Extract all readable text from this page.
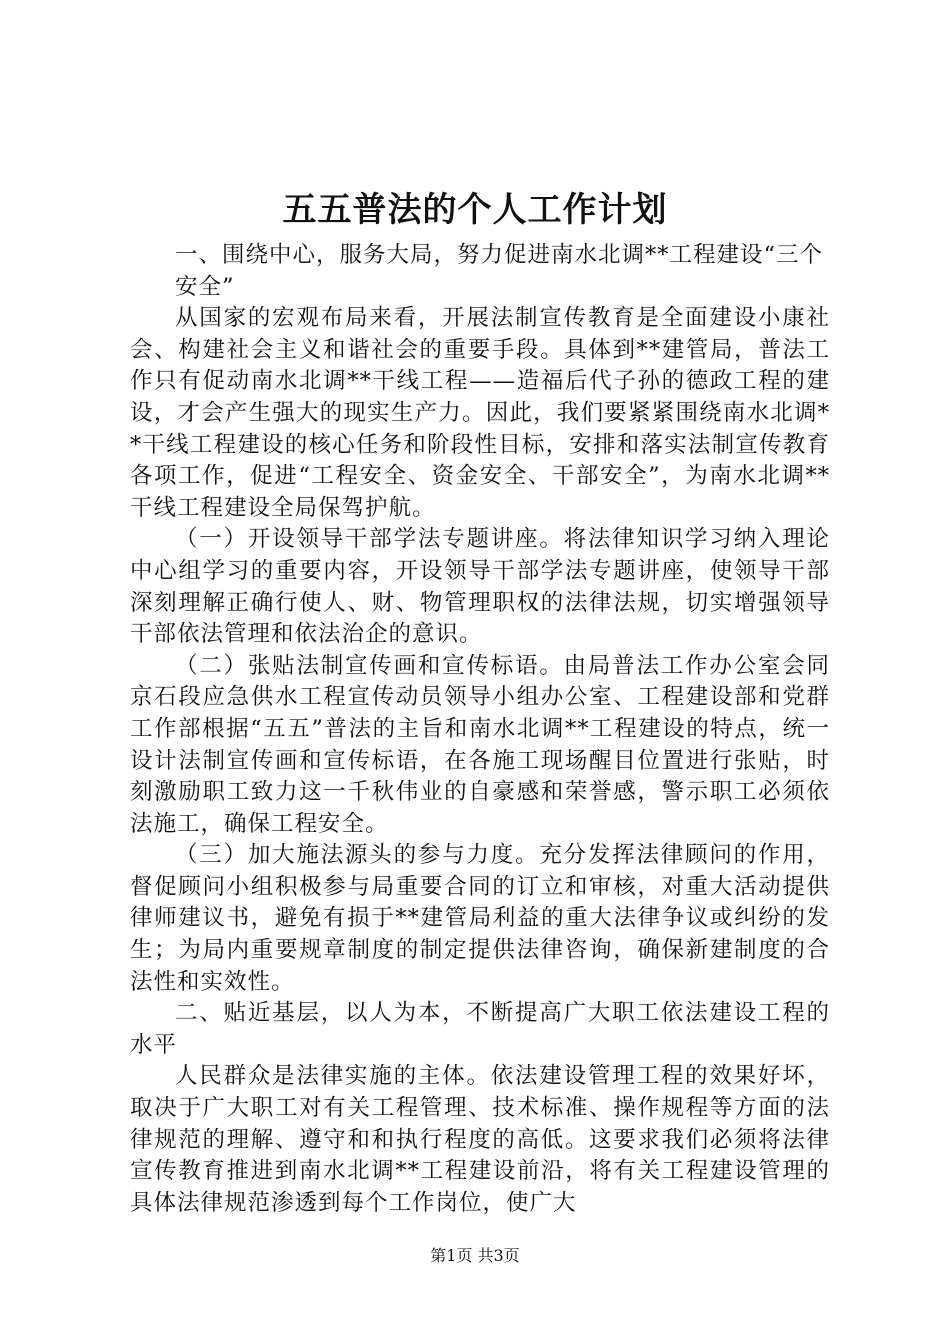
五五普法的个人工作计划

一、围绕中心，服务大局，努力促进南水北调**工程建设“三个安全”

从国家的宏观布局来看，开展法制宣传教育是全面建设小康社会、构建社会主义和谐社会的重要手段。具体到**建管局，普法工作只有促动南水北调**干线工程——造福后代子孙的德政工程的建设，才会产生强大的现实生产力。因此，我们要紧紧围绕南水北调**干线工程建设的核心任务和阶段性目标，安排和落实法制宣传教育各项工作，促进“工程安全、资金安全、干部安全”，为南水北调**干线工程建设全局保驾护航。

（一）开设领导干部学法专题讲座。将法律知识学习纳入理论中心组学习的重要内容，开设领导干部学法专题讲座，使领导干部深刻理解正确行使人、财、物管理职权的法律法规，切实增强领导干部依法管理和依法治企的意识。

（二）张贴法制宣传画和宣传标语。由局普法工作办公室会同京石段应急供水工程宣传动员领导小组办公室、工程建设部和党群工作部根据“五五”普法的主旨和南水北调**工程建设的特点，统一设计法制宣传画和宣传标语，在各施工现场醒目位置进行张贴，时刻激励职工致力这一千秋伟业的自豪感和荣誉感，警示职工必须依法施工，确保工程安全。

（三）加大施法源头的参与力度。充分发挥法律顾问的作用，督促顾问小组积极参与局重要合同的订立和审核，对重大活动提供律师建议书，避免有损于**建管局利益的重大法律争议或纠纷的发生；为局内重要规章制度的制定提供法律咨询，确保新建制度的合法性和实效性。

二、贴近基层，以人为本，不断提高广大职工依法建设工程的水平

人民群众是法律实施的主体。依法建设管理工程的效果好坏，取决于广大职工对有关工程管理、技术标准、操作规程等方面的法律规范的理解、遵守和和执行程度的高低。这要求我们必须将法律宣传教育推进到南水北调**工程建设前沿，将有关工程建设管理的具体法律规范渗透到每个工作岗位，使广大

第1页 共3页
